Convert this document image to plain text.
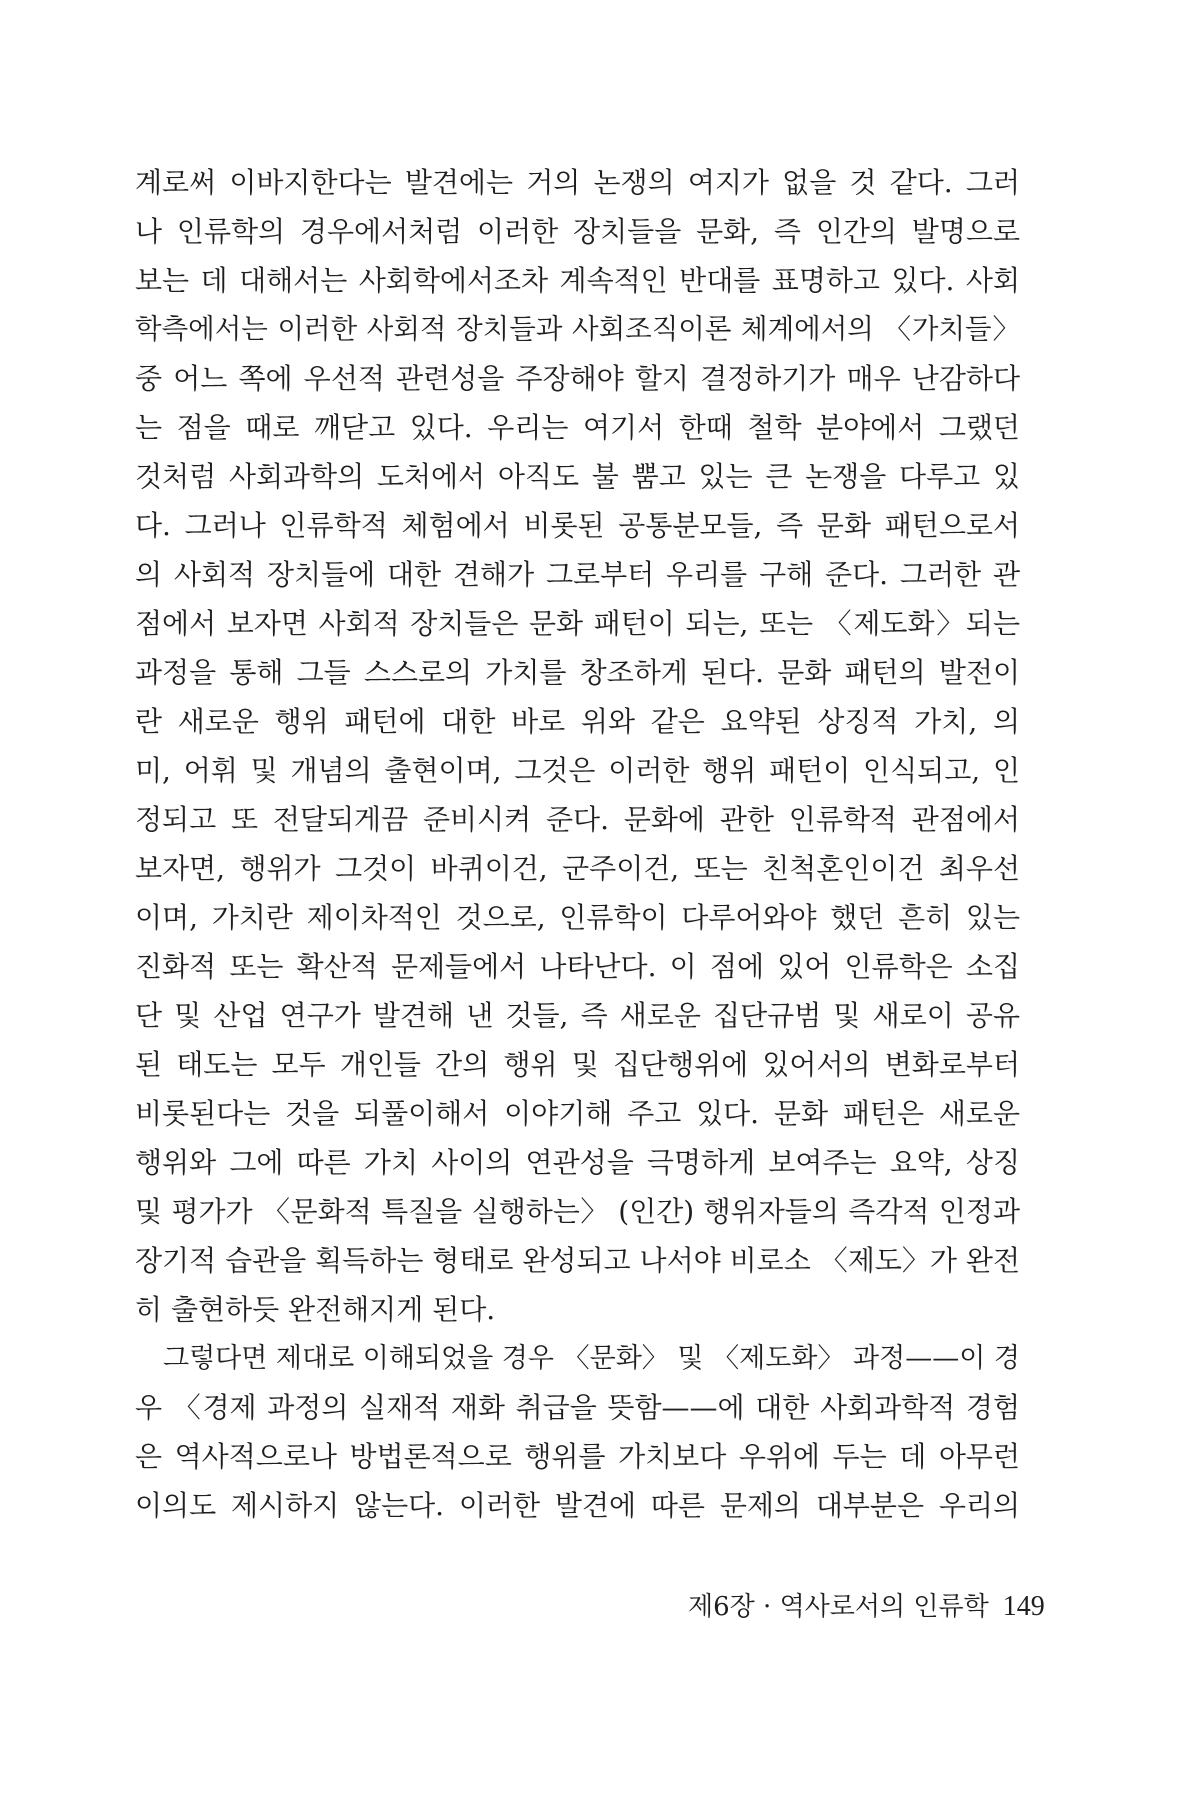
계로써 이바지한다는 발견에는 거의 논쟁의 여지가 없을 것 같다. 그러
나 인류학의 경우에서처럼 이러한 장치들을 문화, 즉 인간의 발명으로
보는 데 대해서는 사회학에서조차 계속적인 반대를 표명하고 있다. 사회
학측에서는 이러한 사회적 장치들과 사회조직이론 체계에서의 〈가치들〉
중 어느 쪽에 우선적 관련성을 주장해야 할지 결정하기가 매우 난감하다
는 점을 때로 깨닫고 있다. 우리는 여기서 한때 철학 분야에서 그랬던
것처럼 사회과학의 도처에서 아직도 불 뿜고 있는 큰 논쟁을 다루고 있
다. 그러나 인류학적 체험에서 비롯된 공통분모들, 즉 문화 패턴으로서
의 사회적 장치들에 대한 견해가 그로부터 우리를 구해 준다. 그러한 관
점에서 보자면 사회적 장치들은 문화 패턴이 되는, 또는 〈제도화〉되는
과정을 통해 그들 스스로의 가치를 창조하게 된다. 문화 패턴의 발전이
란 새로운 행위 패턴에 대한 바로 위와 같은 요약된 상징적 가치, 의
미, 어휘 및 개념의 출현이며, 그것은 이러한 행위 패턴이 인식되고, 인
정되고 또 전달되게끔 준비시켜 준다. 문화에 관한 인류학적 관점에서
보자면, 행위가 그것이 바퀴이건, 군주이건, 또는 친척혼인이건 최우선
이며, 가치란 제이차적인 것으로, 인류학이 다루어와야 했던 흔히 있는
진화적 또는 확산적 문제들에서 나타난다. 이 점에 있어 인류학은 소집
단 및 산업 연구가 발견해 낸 것들, 즉 새로운 집단규범 및 새로이 공유
된 태도는 모두 개인들 간의 행위 및 집단행위에 있어서의 변화로부터
비롯된다는 것을 되풀이해서 이야기해 주고 있다. 문화 패턴은 새로운
행위와 그에 따른 가치 사이의 연관성을 극명하게 보여주는 요약, 상징
및 평가가 〈문화적 특질을 실행하는〉 (인간) 행위자들의 즉각적 인정과
장기적 습관을 획득하는 형태로 완성되고 나서야 비로소 〈제도〉가 완전
히 출현하듯 완전해지게 된다.
그렇다면 제대로 이해되었을 경우 〈문화〉 및 〈제도화〉 과정——이 경
우 〈경제 과정의 실재적 재화 취급을 뜻함——에 대한 사회과학적 경험
은 역사적으로나 방법론적으로 행위를 가치보다 우위에 두는 데 아무런
이의도 제시하지 않는다. 이러한 발견에 따른 문제의 대부분은 우리의
제6장 · 역사로서의 인류학 149
